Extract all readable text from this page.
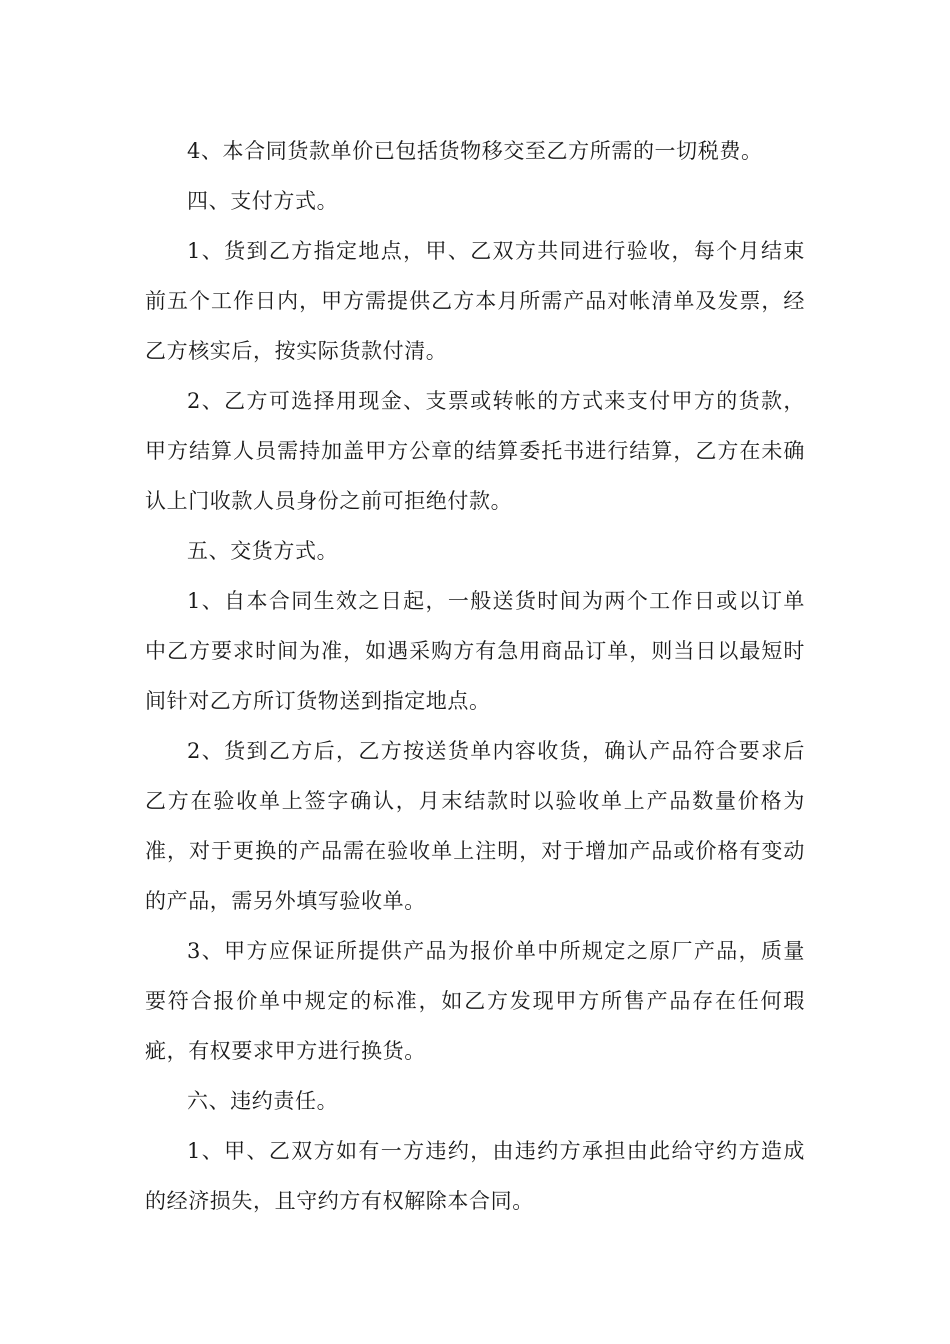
4、本合同货款单价已包括货物移交至乙方所需的一切税费。

四、支付方式。

1、货到乙方指定地点，甲、乙双方共同进行验收，每个月结束前五个工作日内，甲方需提供乙方本月所需产品对帐清单及发票，经乙方核实后，按实际货款付清。

2、乙方可选择用现金、支票或转帐的方式来支付甲方的货款，甲方结算人员需持加盖甲方公章的结算委托书进行结算，乙方在未确认上门收款人员身份之前可拒绝付款。

五、交货方式。

1、自本合同生效之日起，一般送货时间为两个工作日或以订单中乙方要求时间为准，如遇采购方有急用商品订单，则当日以最短时间针对乙方所订货物送到指定地点。

2、货到乙方后，乙方按送货单内容收货，确认产品符合要求后乙方在验收单上签字确认，月末结款时以验收单上产品数量价格为准，对于更换的产品需在验收单上注明，对于增加产品或价格有变动的产品，需另外填写验收单。

3、甲方应保证所提供产品为报价单中所规定之原厂产品，质量要符合报价单中规定的标准，如乙方发现甲方所售产品存在任何瑕疵，有权要求甲方进行换货。

六、违约责任。

1、甲、乙双方如有一方违约，由违约方承担由此给守约方造成的经济损失，且守约方有权解除本合同。
